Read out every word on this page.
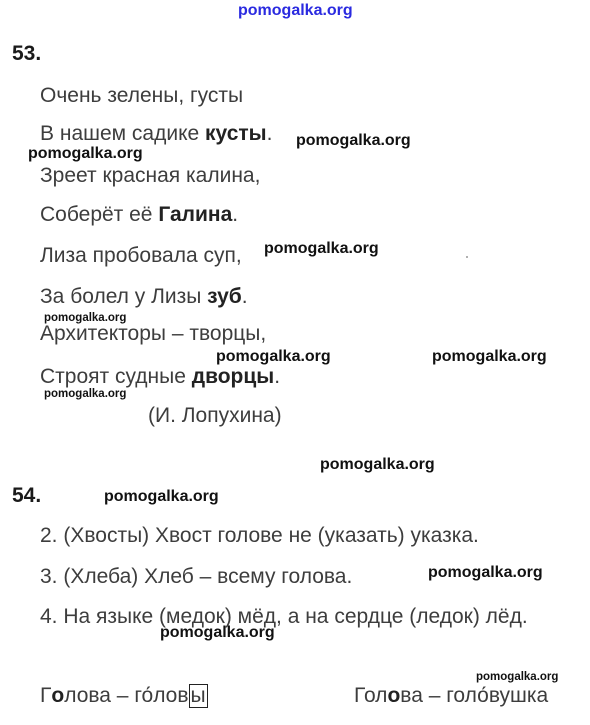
pomogalka.org
53.
Очень зелены, густы
В нашем садике кусты. pomogalka.org
pomogalka.org
Зреет красная калина,
Соберёт её Галина.
Лиза пробовала суп, pomogalka.org
За болел у Лизы зуб.
pomogalka.org
Архитекторы – творцы,
pomogalka.org	pomogalka.org
Строят судные дворцы.
pomogalka.org
(И. Лопухина)
pomogalka.org
54.	pomogalka.org
2. (Хвосты) Хвост голове не (указать) указка.
3. (Хлеба) Хлеб – всему голова.	pomogalka.org
4. На языке (медок) мёд, а на сердце (ледок) лёд.
pomogalka.org
pomogalka.org
Голова – го́ловы	Голова – голо́вушка
